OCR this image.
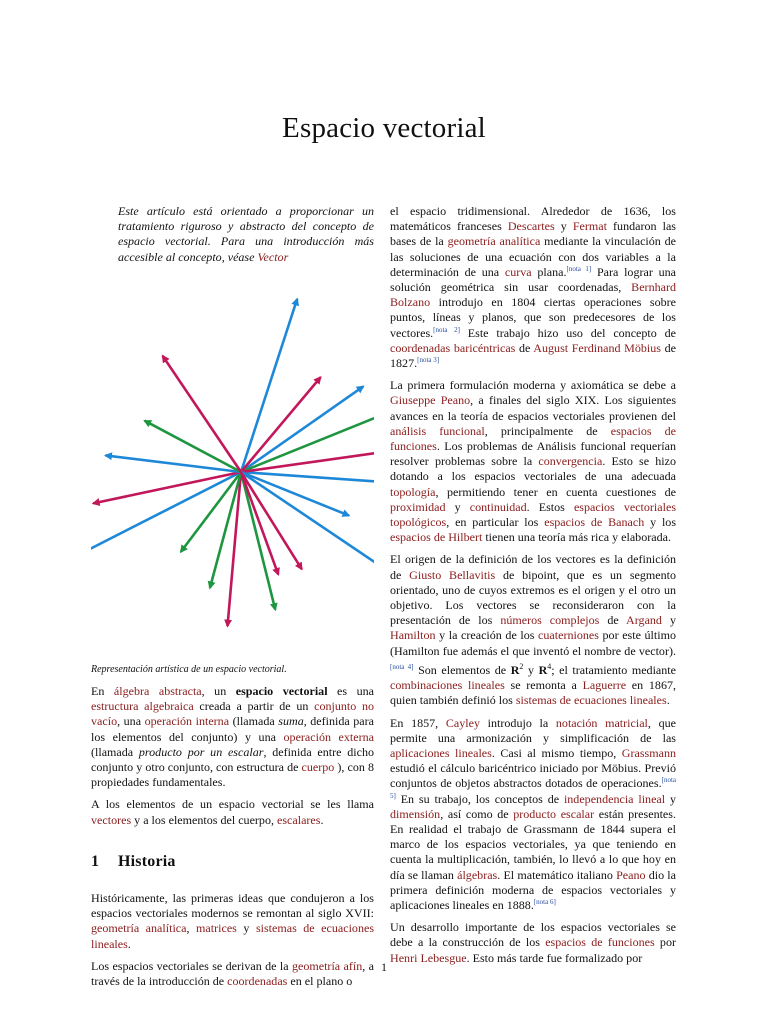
Espacio vectorial

Este artículo está orientado a proporcionar un tratamiento riguroso y abstracto del concepto de espacio vectorial. Para una introducción más accesible al concepto, véase Vector

Representación artística de un espacio vectorial.

En álgebra abstracta, un espacio vectorial es una estructura algebraica creada a partir de un conjunto no vacío, una operación interna (llamada suma, definida para los elementos del conjunto) y una operación externa (llamada producto por un escalar, definida entre dicho conjunto y otro conjunto, con estructura de cuerpo ), con 8 propiedades fundamentales.

A los elementos de un espacio vectorial se les llama vectores y a los elementos del cuerpo, escalares.

1 Historia

Históricamente, las primeras ideas que condujeron a los espacios vectoriales modernos se remontan al siglo XVII: geometría analítica, matrices y sistemas de ecuaciones lineales.

Los espacios vectoriales se derivan de la geometría afín, a través de la introducción de coordenadas en el plano o

el espacio tridimensional. Alrededor de 1636, los matemáticos franceses Descartes y Fermat fundaron las bases de la geometría analítica mediante la vinculación de las soluciones de una ecuación con dos variables a la determinación de una curva plana.[nota 1] Para lograr una solución geométrica sin usar coordenadas, Bernhard Bolzano introdujo en 1804 ciertas operaciones sobre puntos, líneas y planos, que son predecesores de los vectores.[nota 2] Este trabajo hizo uso del concepto de coordenadas baricéntricas de August Ferdinand Möbius de 1827.[nota 3]

La primera formulación moderna y axiomática se debe a Giuseppe Peano, a finales del siglo XIX. Los siguientes avances en la teoría de espacios vectoriales provienen del análisis funcional, principalmente de espacios de funciones. Los problemas de Análisis funcional requerían resolver problemas sobre la convergencia. Esto se hizo dotando a los espacios vectoriales de una adecuada topología, permitiendo tener en cuenta cuestiones de proximidad y continuidad. Estos espacios vectoriales topológicos, en particular los espacios de Banach y los espacios de Hilbert tienen una teoría más rica y elaborada.

El origen de la definición de los vectores es la definición de Giusto Bellavitis de bipoint, que es un segmento orientado, uno de cuyos extremos es el origen y el otro un objetivo. Los vectores se reconsideraron con la presentación de los números complejos de Argand y Hamilton y la creación de los cuaterniones por este último (Hamilton fue además el que inventó el nombre de vector).[nota 4] Son elementos de $R^2$ y $R^4$; el tratamiento mediante combinaciones lineales se remonta a Laguerre en 1867, quien también definió los sistemas de ecuaciones lineales.

En 1857, Cayley introdujo la notación matricial, que permite una armonización y simplificación de las aplicaciones lineales. Casi al mismo tiempo, Grassmann estudió el cálculo baricéntrico iniciado por Möbius. Previó conjuntos de objetos abstractos dotados de operaciones.[nota 5] En su trabajo, los conceptos de independencia lineal y dimensión, así como de producto escalar están presentes. En realidad el trabajo de Grassmann de 1844 supera el marco de los espacios vectoriales, ya que teniendo en cuenta la multiplicación, también, lo llevó a lo que hoy en día se llaman álgebras. El matemático italiano Peano dio la primera definición moderna de espacios vectoriales y aplicaciones lineales en 1888.[nota 6]

Un desarrollo importante de los espacios vectoriales se debe a la construcción de los espacios de funciones por Henri Lebesgue. Esto más tarde fue formalizado por

1
